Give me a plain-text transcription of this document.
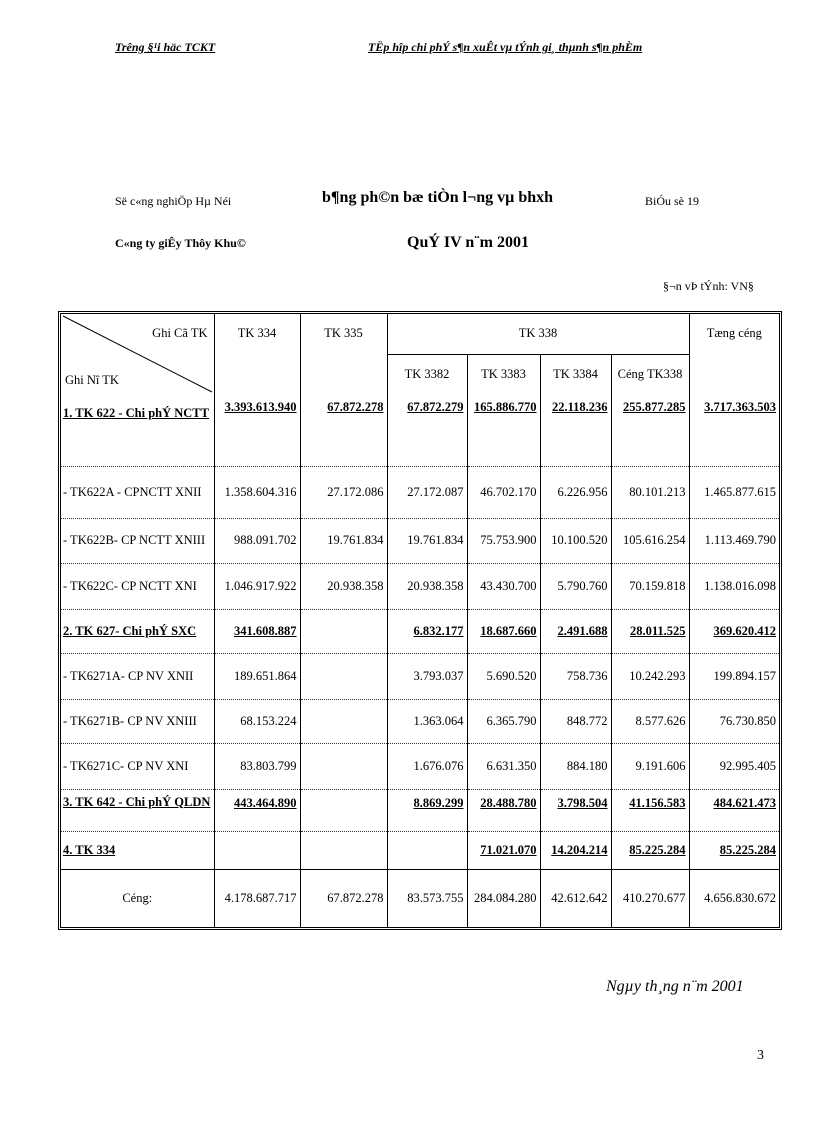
Trêng §¹i häc TCKT	TËp hîp chi phÝ s¶n xuÊt vµ tÝnh gi¸ thµnh s¶n phÈm
Së c«ng nghiÖp Hµ Néi
C«ng ty giÊy Thôy Khu©
b¶ng ph©n bæ tiÒn l¬ng vµ bhxh
QuÝ IV n¨m 2001
BiÓu sè 19
§¬n vÞ tÝnh: VN§
Ghi Cã TK
Ghi Nî TK	TK 334	TK 335	TK 338				Tæng céng
			TK 3382	TK 3383	TK 3384	Céng TK338	
1. TK 622 - Chi phÝ NCTT	3.393.613.940	67.872.278	67.872.279	165.886.770	22.118.236	255.877.285	3.717.363.503
- TK622A - CPNCTT XNII	1.358.604.316	27.172.086	27.172.087	46.702.170	6.226.956	80.101.213	1.465.877.615
- TK622B- CP NCTT XNIII	988.091.702	19.761.834	19.761.834	75.753.900	10.100.520	105.616.254	1.113.469.790
- TK622C- CP NCTT XNI	1.046.917.922	20.938.358	20.938.358	43.430.700	5.790.760	70.159.818	1.138.016.098
2. TK 627- Chi phÝ SXC	341.608.887		6.832.177	18.687.660	2.491.688	28.011.525	369.620.412
- TK6271A- CP NV XNII	189.651.864		3.793.037	5.690.520	758.736	10.242.293	199.894.157
- TK6271B- CP NV XNIII	68.153.224		1.363.064	6.365.790	848.772	8.577.626	76.730.850
- TK6271C- CP NV XNI	83.803.799		1.676.076	6.631.350	884.180	9.191.606	92.995.405
3. TK 642 - Chi phÝ QLDN	443.464.890		8.869.299	28.488.780	3.798.504	41.156.583	484.621.473
4. TK 334				71.021.070	14.204.214	85.225.284	85.225.284
Céng:	4.178.687.717	67.872.278	83.573.755	284.084.280	42.612.642	410.270.677	4.656.830.672
Ngµy th¸ng n¨m 2001
3
